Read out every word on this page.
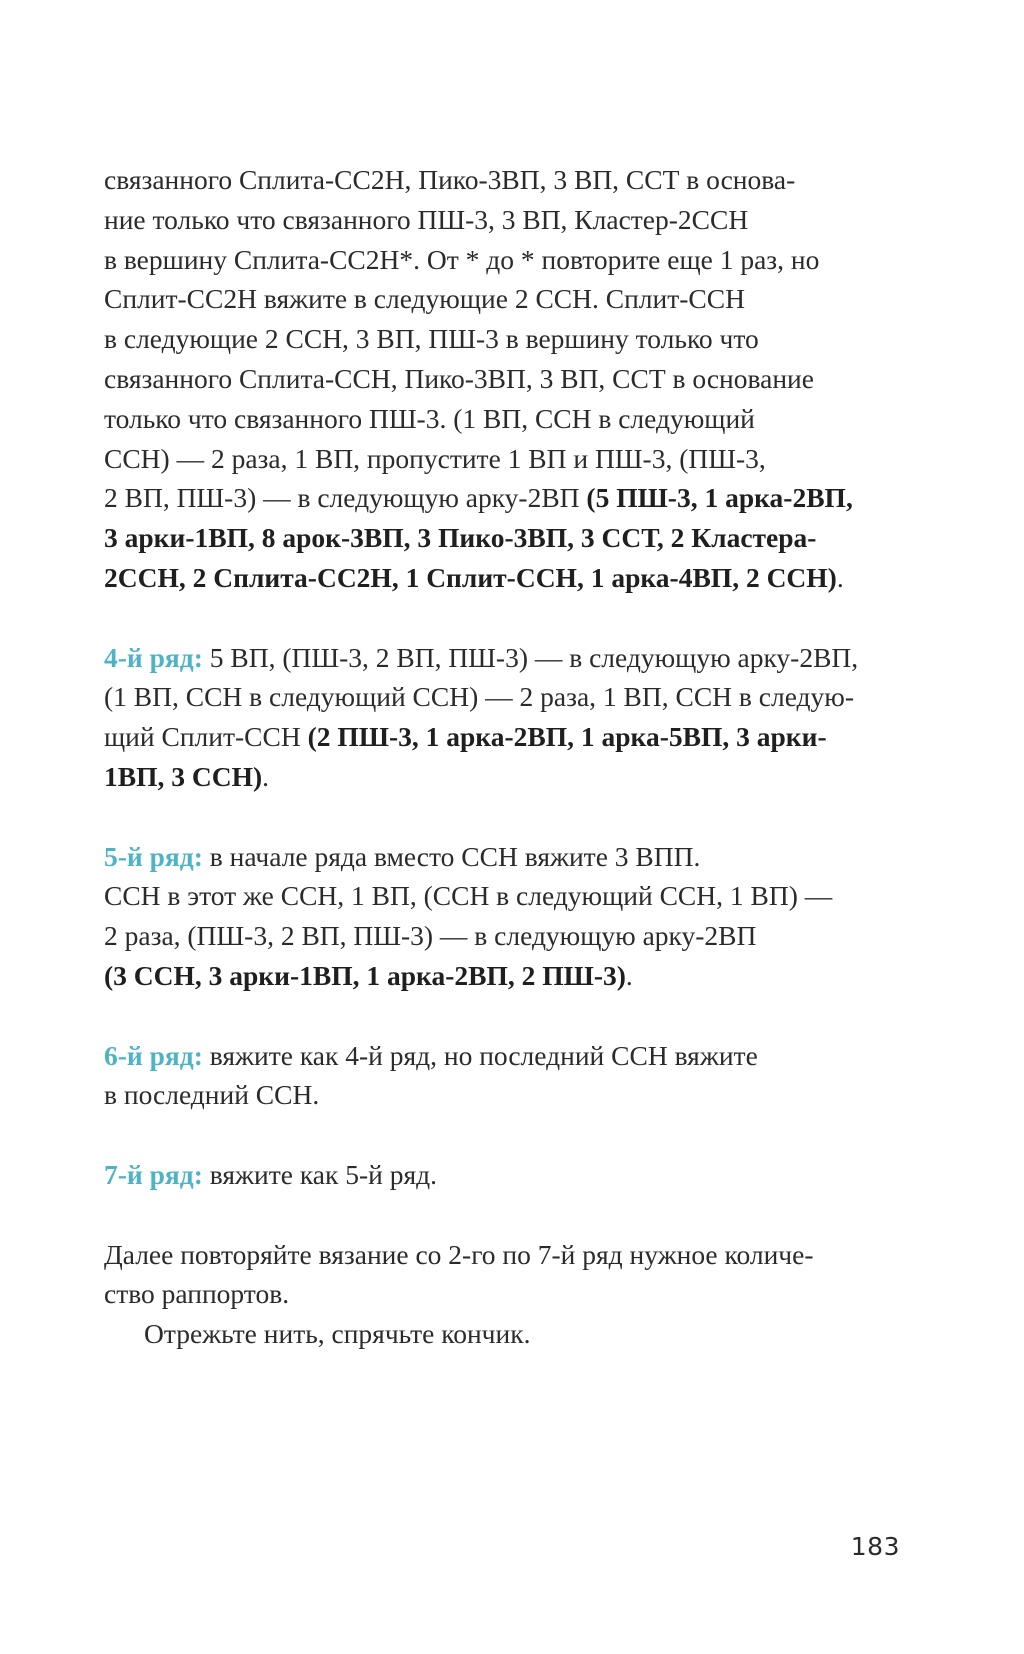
связанного Сплита-СС2Н, Пико-3ВП, 3 ВП, ССТ в основа-
ние только что связанного ПШ-3, 3 ВП, Кластер-2ССН
в вершину Сплита-СС2Н*. От * до * повторите еще 1 раз, но
Сплит-СС2Н вяжите в следующие 2 ССН. Сплит-ССН
в следующие 2 ССН, 3 ВП, ПШ-3 в вершину только что
связанного Сплита-ССН, Пико-3ВП, 3 ВП, ССТ в основание
только что связанного ПШ-3. (1 ВП, ССН в следующий
ССН) — 2 раза, 1 ВП, пропустите 1 ВП и ПШ-3, (ПШ-3,
2 ВП, ПШ-3) — в следующую арку-2ВП (5 ПШ-3, 1 арка-2ВП,
3 арки-1ВП, 8 арок-3ВП, 3 Пико-3ВП, 3 ССТ, 2 Кластера-
2ССН, 2 Сплита-СС2Н, 1 Сплит-ССН, 1 арка-4ВП, 2 ССН).
4-й ряд: 5 ВП, (ПШ-3, 2 ВП, ПШ-3) — в следующую арку-2ВП,
(1 ВП, ССН в следующий ССН) — 2 раза, 1 ВП, ССН в следую-
щий Сплит-ССН (2 ПШ-3, 1 арка-2ВП, 1 арка-5ВП, 3 арки-
1ВП, 3 ССН).
5-й ряд: в начале ряда вместо ССН вяжите 3 ВПП.
ССН в этот же ССН, 1 ВП, (ССН в следующий ССН, 1 ВП) —
2 раза, (ПШ-3, 2 ВП, ПШ-3) — в следующую арку-2ВП
(3 ССН, 3 арки-1ВП, 1 арка-2ВП, 2 ПШ-3).
6-й ряд: вяжите как 4-й ряд, но последний ССН вяжите
в последний ССН.
7-й ряд: вяжите как 5-й ряд.
Далее повторяйте вязание со 2-го по 7-й ряд нужное количе-
ство раппортов.
Отрежьте нить, спрячьте кончик.
183
